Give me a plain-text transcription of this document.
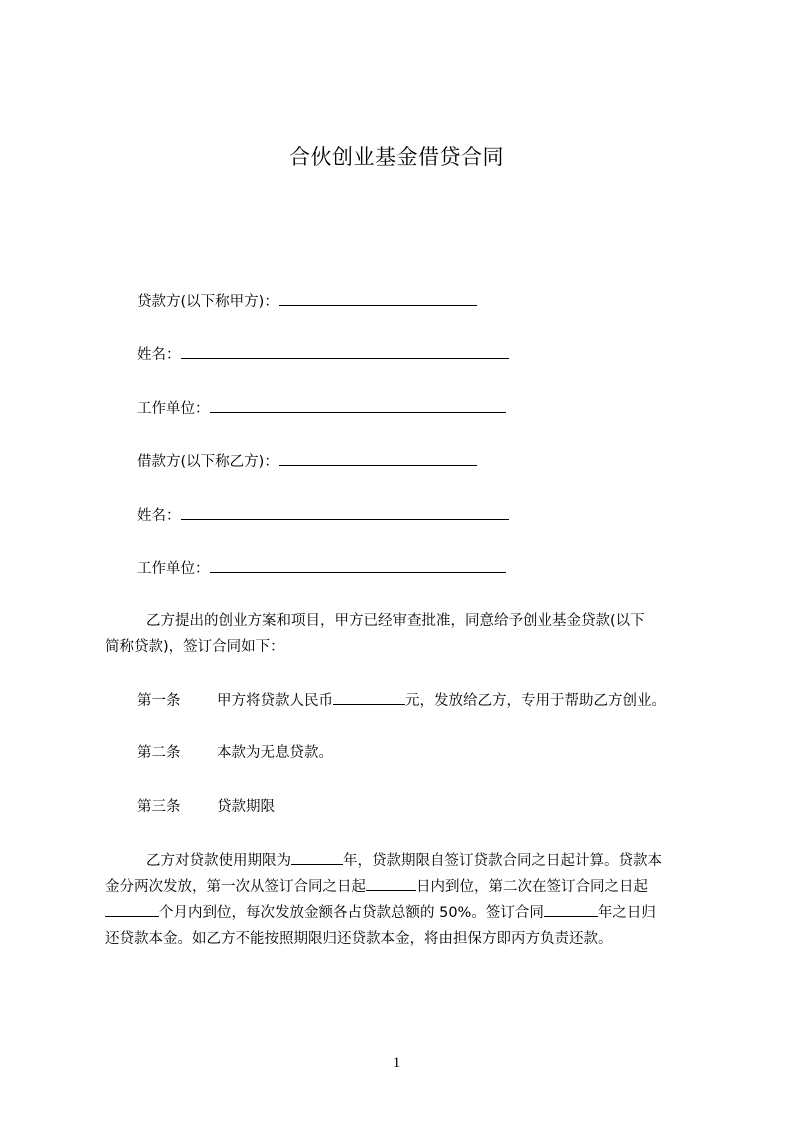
合伙创业基金借贷合同
贷款方(以下称甲方)：
姓名：
工作单位：
借款方(以下称乙方)：
姓名：
工作单位：
乙方提出的创业方案和项目，甲方已经审查批准，同意给予创业基金贷款(以下
简称贷款)，签订合同如下：
第一条	甲方将贷款人民币	元，发放给乙方，专用于帮助乙方创业。
第二条	本款为无息贷款。
第三条	贷款期限
乙方对贷款使用期限为	年，贷款期限自签订贷款合同之日起计算。贷款本
金分两次发放，第一次从签订合同之日起	日内到位，第二次在签订合同之日起
个月内到位，每次发放金额各占贷款总额的 50%。签订合同	年之日归
还贷款本金。如乙方不能按照期限归还贷款本金，将由担保方即丙方负责还款。
1
